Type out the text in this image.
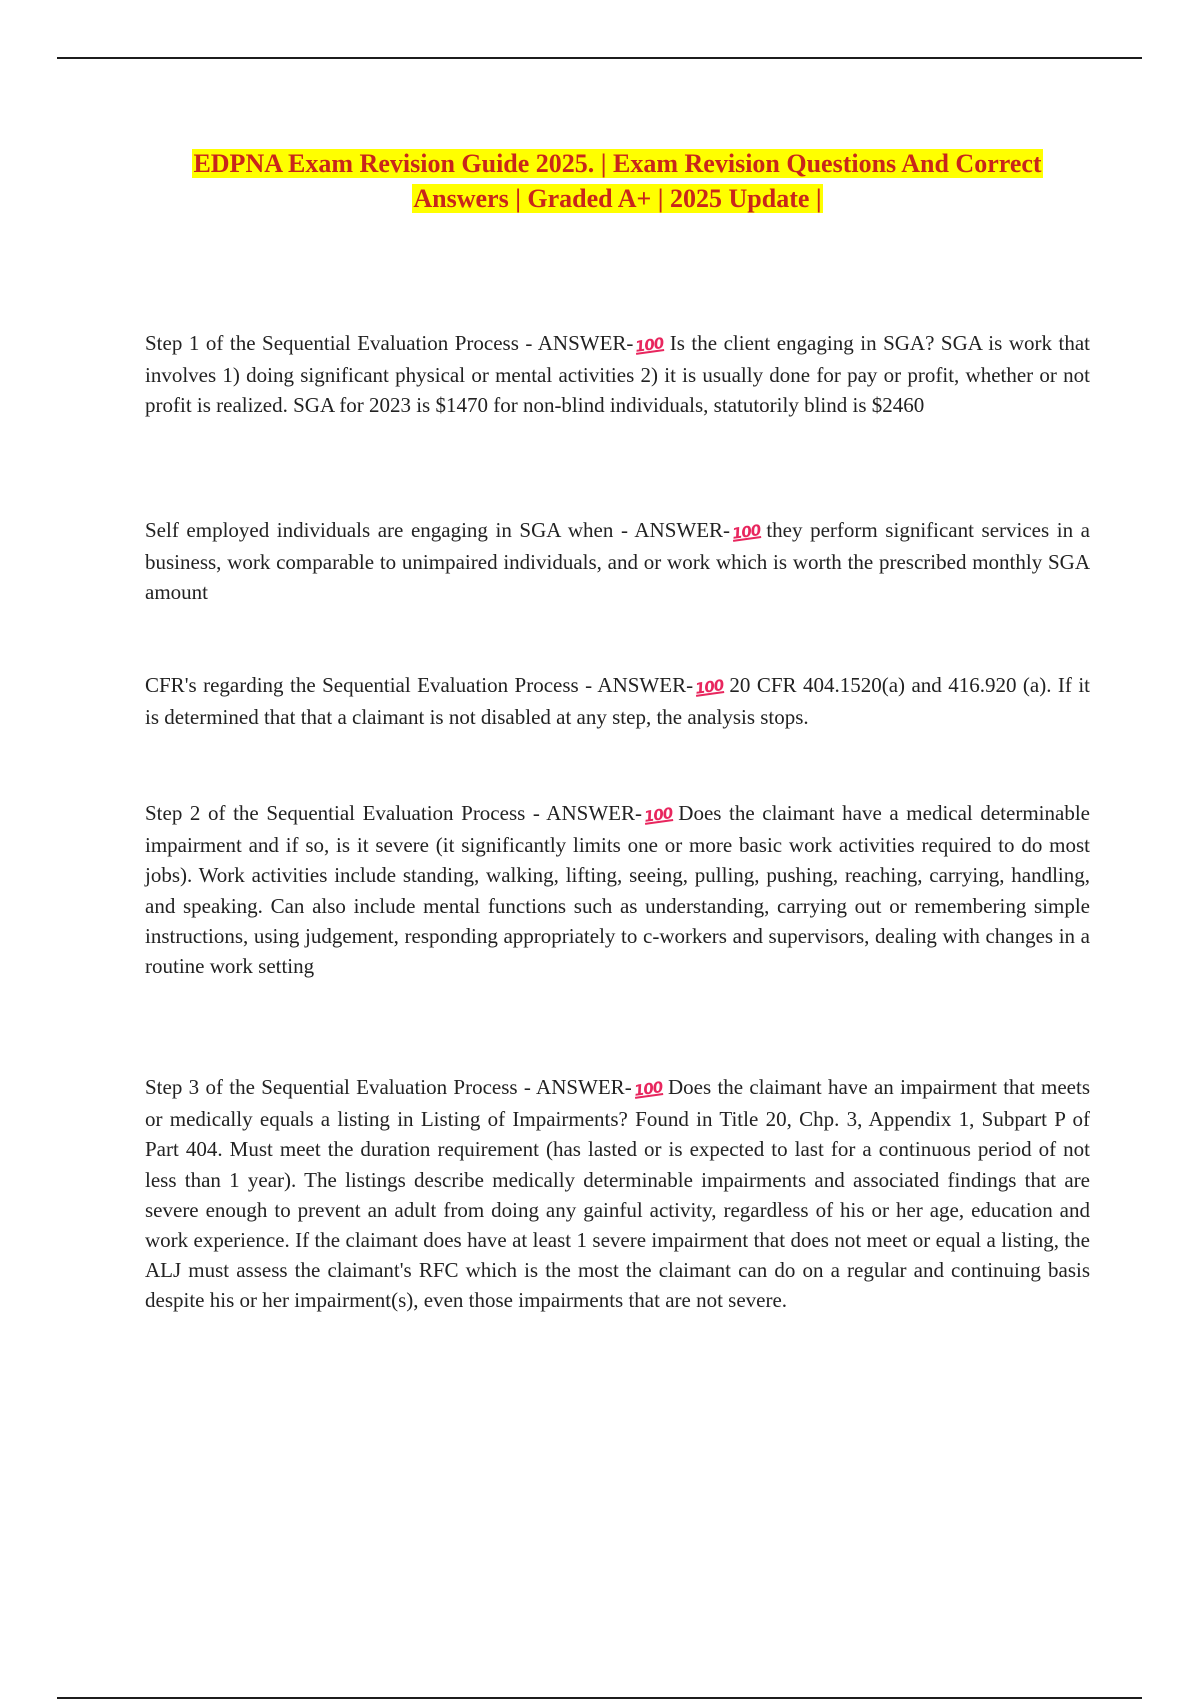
EDPNA Exam Revision Guide 2025. | Exam Revision Questions And Correct
Answers | Graded A+ | 2025 Update |
Step 1 of the Sequential Evaluation Process - ANSWER-100 Is the client engaging in SGA? SGA is work that involves 1) doing significant physical or mental activities 2) it is usually done for pay or profit, whether or not profit is realized. SGA for 2023 is $1470 for non-blind individuals, statutorily blind is $2460
Self employed individuals are engaging in SGA when - ANSWER-100 they perform significant services in a business, work comparable to unimpaired individuals, and or work which is worth the prescribed monthly SGA amount
CFR's regarding the Sequential Evaluation Process - ANSWER-100 20 CFR 404.1520(a) and 416.920 (a). If it is determined that that a claimant is not disabled at any step, the analysis stops.
Step 2 of the Sequential Evaluation Process - ANSWER-100 Does the claimant have a medical determinable impairment and if so, is it severe (it significantly limits one or more basic work activities required to do most jobs). Work activities include standing, walking, lifting, seeing, pulling, pushing, reaching, carrying, handling, and speaking. Can also include mental functions such as understanding, carrying out or remembering simple instructions, using judgement, responding appropriately to c-workers and supervisors, dealing with changes in a routine work setting
Step 3 of the Sequential Evaluation Process - ANSWER-100 Does the claimant have an impairment that meets or medically equals a listing in Listing of Impairments? Found in Title 20, Chp. 3, Appendix 1, Subpart P of Part 404. Must meet the duration requirement (has lasted or is expected to last for a continuous period of not less than 1 year). The listings describe medically determinable impairments and associated findings that are severe enough to prevent an adult from doing any gainful activity, regardless of his or her age, education and work experience. If the claimant does have at least 1 severe impairment that does not meet or equal a listing, the ALJ must assess the claimant's RFC which is the most the claimant can do on a regular and continuing basis despite his or her impairment(s), even those impairments that are not severe.
